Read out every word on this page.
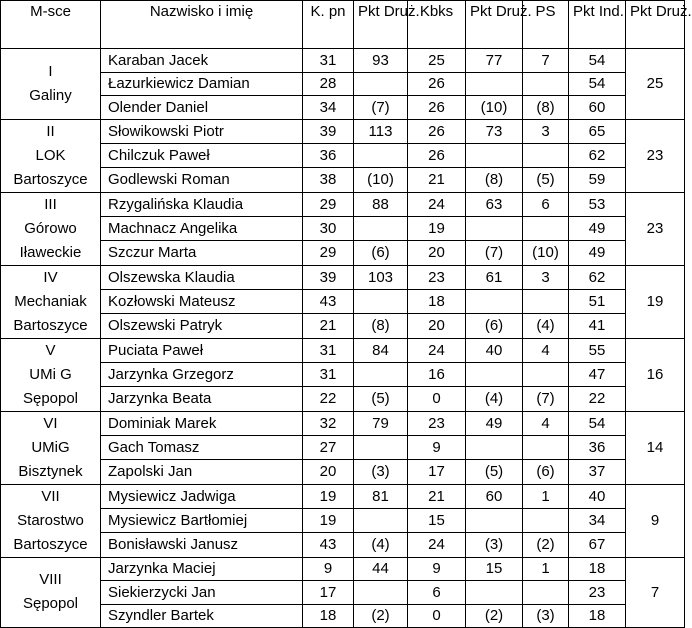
M-sce	Nazwisko i imię	K. pn	Pkt Druż.	Kbks	Pkt Druż.	PS	Pkt Ind.	Pkt Druż.

I
Galiny	Karaban Jacek	31	93	25	77	7	54	25
	Łazurkiewicz Damian	28		26			54	
	Olender Daniel	34	(7)	26	(10)	(8)	60	

II
LOK
Bartoszyce	Słowikowski Piotr	39	113	26	73	3	65	23
	Chilczuk Paweł	36		26			62	
	Godlewski Roman	38	(10)	21	(8)	(5)	59	

III
Górowo
Iławeckie	Rzygalińska Klaudia	29	88	24	63	6	53	23
	Machnacz Angelika	30		19			49	
	Szczur Marta	29	(6)	20	(7)	(10)	49	

IV
Mechaniak
Bartoszyce	Olszewska Klaudia	39	103	23	61	3	62	19
	Kozłowski Mateusz	43		18			51	
	Olszewski Patryk	21	(8)	20	(6)	(4)	41	

V
UMi G
Sępopol	Puciata Paweł	31	84	24	40	4	55	16
	Jarzynka Grzegorz	31		16			47	
	Jarzynka Beata	22	(5)	0	(4)	(7)	22	

VI
UMiG
Bisztynek	Dominiak Marek	32	79	23	49	4	54	14
	Gach Tomasz	27		9			36	
	Zapolski Jan	20	(3)	17	(5)	(6)	37	

VII
Starostwo
Bartoszyce	Mysiewicz Jadwiga	19	81	21	60	1	40	9
	Mysiewicz Bartłomiej	19		15			34	
	Bonisławski Janusz	43	(4)	24	(3)	(2)	67	

VIII
Sępopol	Jarzynka Maciej	9	44	9	15	1	18	7
	Siekierzycki Jan	17		6			23	
	Szyndler Bartek	18	(2)	0	(2)	(3)	18	
